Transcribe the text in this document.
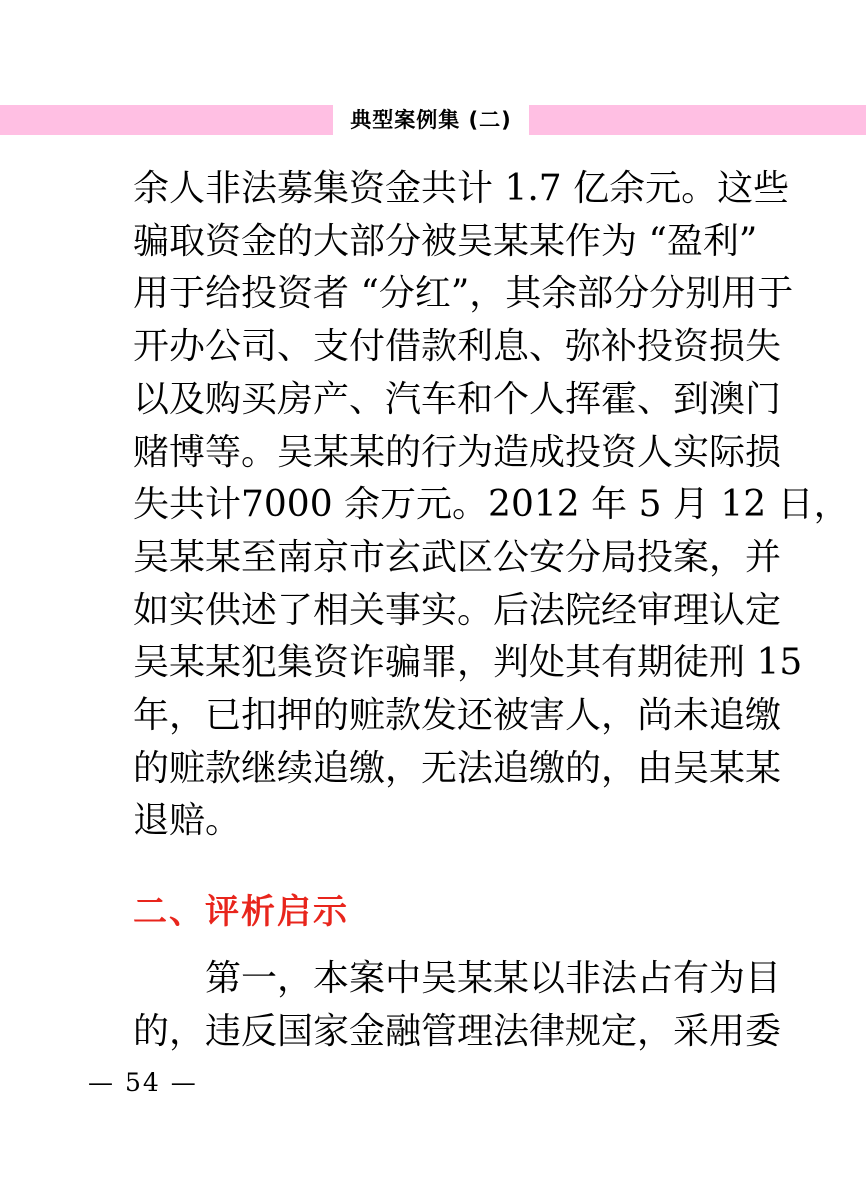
典型案例集 (二)
余人非法募集资金共计 1.7 亿余元。这些
骗取资金的大部分被吴某某作为 “盈利”
用于给投资者 “分红”，其余部分分别用于
开办公司、支付借款利息、弥补投资损失
以及购买房产、汽车和个人挥霍、到澳门
赌博等。吴某某的行为造成投资人实际损
失共计7000 余万元。2012 年 5 月 12 日，
吴某某至南京市玄武区公安分局投案，并
如实供述了相关事实。后法院经审理认定
吴某某犯集资诈骗罪，判处其有期徒刑 15
年，已扣押的赃款发还被害人，尚未追缴
的赃款继续追缴，无法追缴的，由吴某某
退赔。
二、评析启示
第一，本案中吴某某以非法占有为目
的，违反国家金融管理法律规定，采用委
— 54 —
